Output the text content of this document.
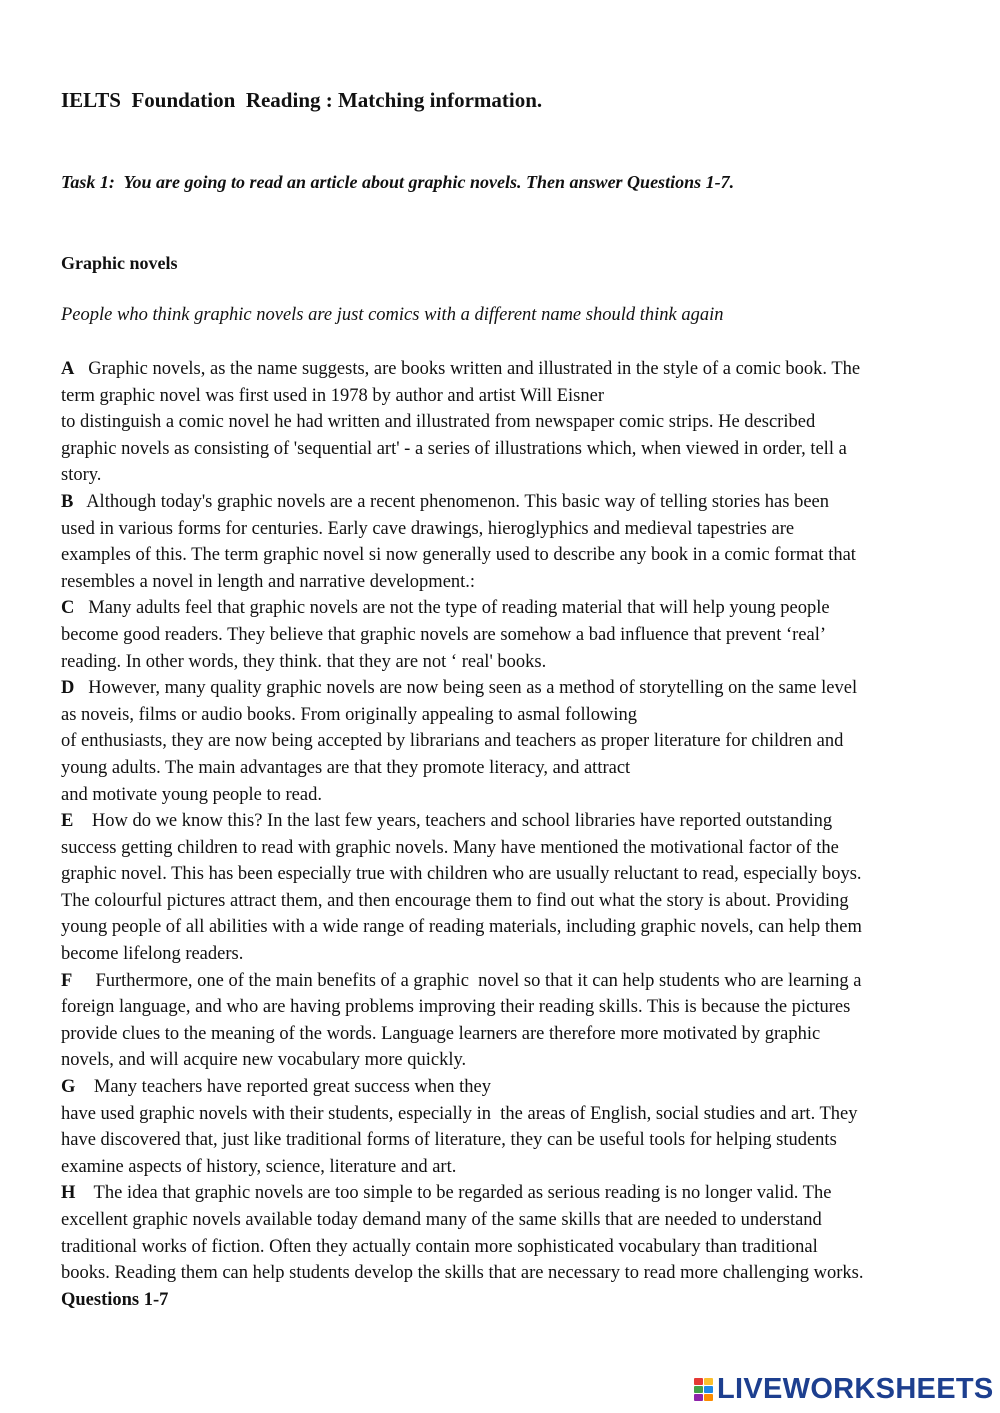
IELTS  Foundation  Reading : Matching information.
Task 1:  You are going to read an article about graphic novels. Then answer Questions 1-7.
Graphic novels
People who think graphic novels are just comics with a different name should think again
A   Graphic novels, as the name suggests, are books written and illustrated in the style of a comic book. The
term graphic novel was first used in 1978 by author and artist Will Eisner
to distinguish a comic novel he had written and illustrated from newspaper comic strips. He described
graphic novels as consisting of 'sequential art' - a series of illustrations which, when viewed in order, tell a
story.
B   Although today's graphic novels are a recent phenomenon. This basic way of telling stories has been
used in various forms for centuries. Early cave drawings, hieroglyphics and medieval tapestries are
examples of this. The term graphic novel si now generally used to describe any book in a comic format that
resembles a novel in length and narrative development.:
C   Many adults feel that graphic novels are not the type of reading material that will help young people
become good readers. They believe that graphic novels are somehow a bad influence that prevent ‘real’
reading. In other words, they think. that they are not ‘ real' books.
D   However, many quality graphic novels are now being seen as a method of storytelling on the same level
as noveis, films or audio books. From originally appealing to asmal following
of enthusiasts, they are now being accepted by librarians and teachers as proper literature for children and
young adults. The main advantages are that they promote literacy, and attract
and motivate young people to read.
E    How do we know this? In the last few years, teachers and school libraries have reported outstanding
success getting children to read with graphic novels. Many have mentioned the motivational factor of the
graphic novel. This has been especially true with children who are usually reluctant to read, especially boys.
The colourful pictures attract them, and then encourage them to find out what the story is about. Providing
young people of all abilities with a wide range of reading materials, including graphic novels, can help them
become lifelong readers.
F     Furthermore, one of the main benefits of a graphic  novel so that it can help students who are learning a
foreign language, and who are having problems improving their reading skills. This is because the pictures
provide clues to the meaning of the words. Language learners are therefore more motivated by graphic
novels, and will acquire new vocabulary more quickly.
G    Many teachers have reported great success when they
have used graphic novels with their students, especially in  the areas of English, social studies and art. They
have discovered that, just like traditional forms of literature, they can be useful tools for helping students
examine aspects of history, science, literature and art.
H    The idea that graphic novels are too simple to be regarded as serious reading is no longer valid. The
excellent graphic novels available today demand many of the same skills that are needed to understand
traditional works of fiction. Often they actually contain more sophisticated vocabulary than traditional
books. Reading them can help students develop the skills that are necessary to read more challenging works.
Questions 1-7
LIVEWORKSHEETS
